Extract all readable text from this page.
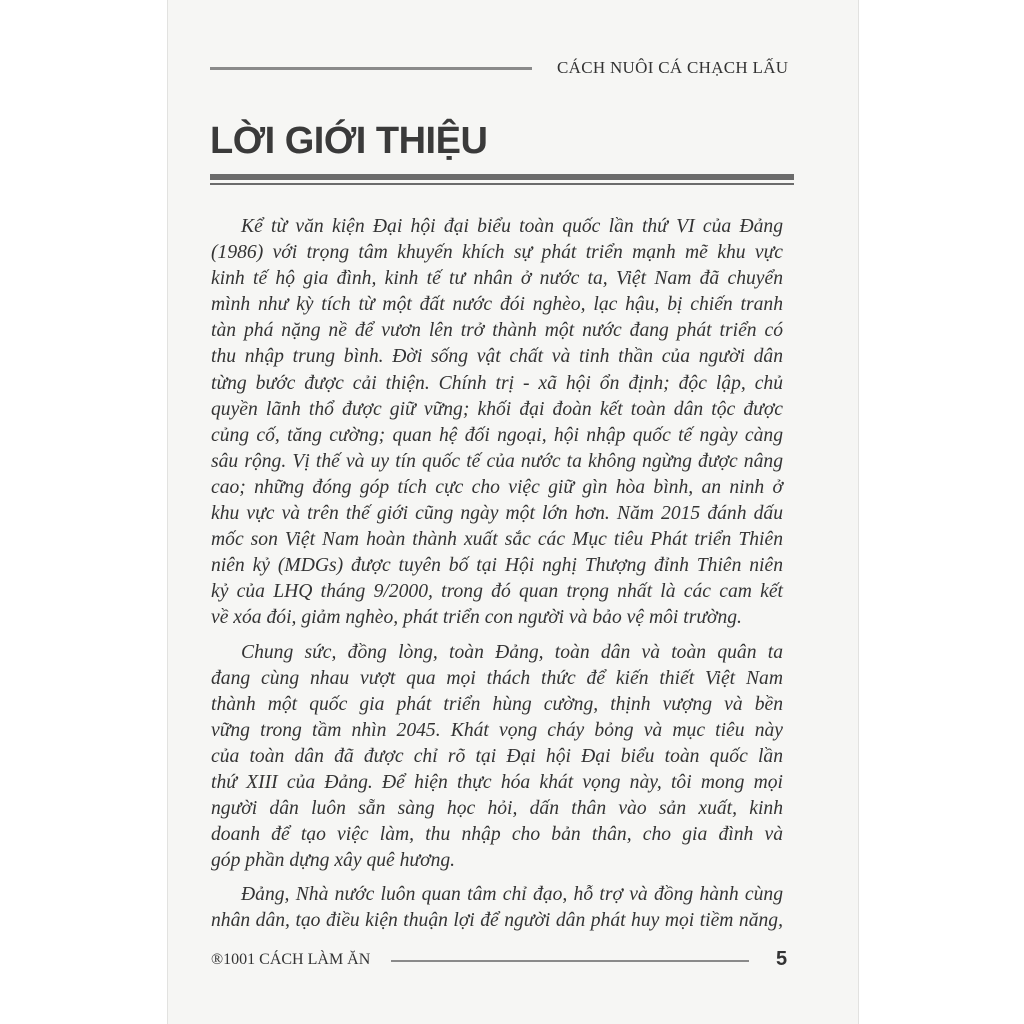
CÁCH NUÔI CÁ CHẠCH LẤU
LỜI GIỚI THIỆU
Kể từ văn kiện Đại hội đại biểu toàn quốc lần thứ VI của Đảng
(1986) với trọng tâm khuyến khích sự phát triển mạnh mẽ khu vực
kinh tế hộ gia đình, kinh tế tư nhân ở nước ta, Việt Nam đã chuyển
mình như kỳ tích từ một đất nước đói nghèo, lạc hậu, bị chiến tranh
tàn phá nặng nề để vươn lên trở thành một nước đang phát triển có
thu nhập trung bình. Đời sống vật chất và tinh thần của người dân
từng bước được cải thiện. Chính trị - xã hội ổn định; độc lập, chủ
quyền lãnh thổ được giữ vững; khối đại đoàn kết toàn dân tộc được
củng cố, tăng cường; quan hệ đối ngoại, hội nhập quốc tế ngày càng
sâu rộng. Vị thế và uy tín quốc tế của nước ta không ngừng được nâng
cao; những đóng góp tích cực cho việc giữ gìn hòa bình, an ninh ở
khu vực và trên thế giới cũng ngày một lớn hơn. Năm 2015 đánh dấu
mốc son Việt Nam hoàn thành xuất sắc các Mục tiêu Phát triển Thiên
niên kỷ (MDGs) được tuyên bố tại Hội nghị Thượng đỉnh Thiên niên
kỷ của LHQ tháng 9/2000, trong đó quan trọng nhất là các cam kết
về xóa đói, giảm nghèo, phát triển con người và bảo vệ môi trường.
Chung sức, đồng lòng, toàn Đảng, toàn dân và toàn quân ta
đang cùng nhau vượt qua mọi thách thức để kiến thiết Việt Nam
thành một quốc gia phát triển hùng cường, thịnh vượng và bền
vững trong tầm nhìn 2045. Khát vọng cháy bỏng và mục tiêu này
của toàn dân đã được chỉ rõ tại Đại hội Đại biểu toàn quốc lần
thứ XIII của Đảng. Để hiện thực hóa khát vọng này, tôi mong mọi
người dân luôn sẵn sàng học hỏi, dấn thân vào sản xuất, kinh
doanh để tạo việc làm, thu nhập cho bản thân, cho gia đình và
góp phần dựng xây quê hương.
Đảng, Nhà nước luôn quan tâm chỉ đạo, hỗ trợ và đồng hành cùng
nhân dân, tạo điều kiện thuận lợi để người dân phát huy mọi tiềm năng,
®1001 CÁCH LÀM ĂN	5
